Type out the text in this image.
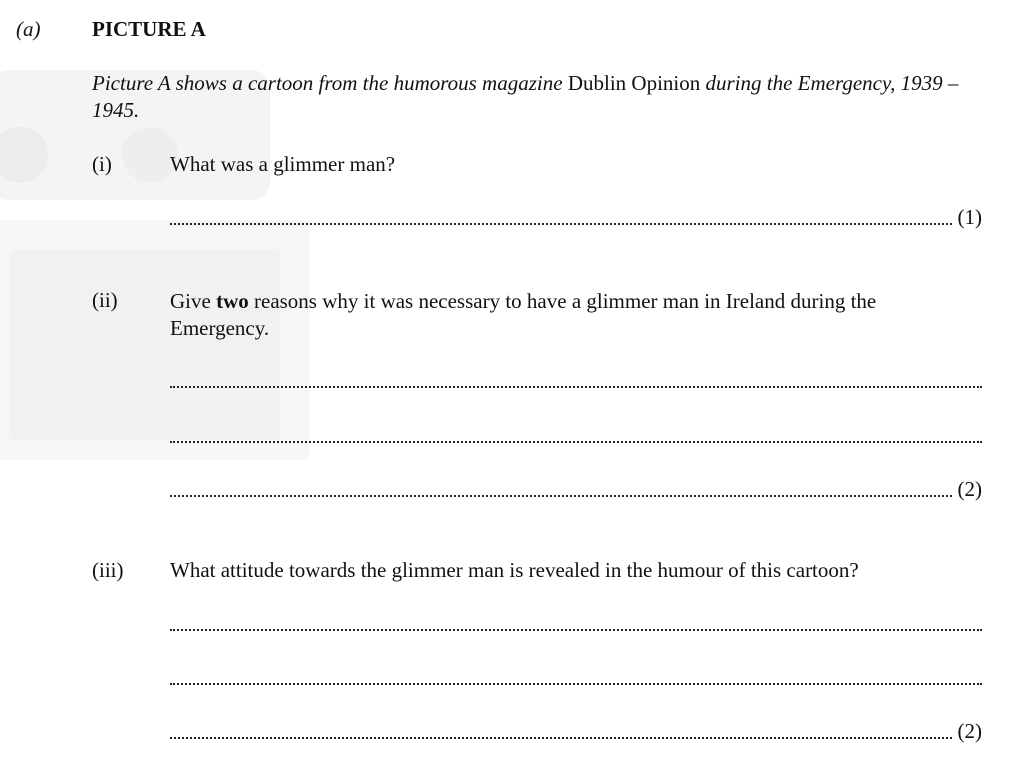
(a) PICTURE A
Picture A shows a cartoon from the humorous magazine Dublin Opinion during the Emergency, 1939 – 1945.
(i)	What was a glimmer man?
(1)
(ii) Give two reasons why it was necessary to have a glimmer man in Ireland during the Emergency.
(2)
(iii) What attitude towards the glimmer man is revealed in the humour of this cartoon?
(2)
